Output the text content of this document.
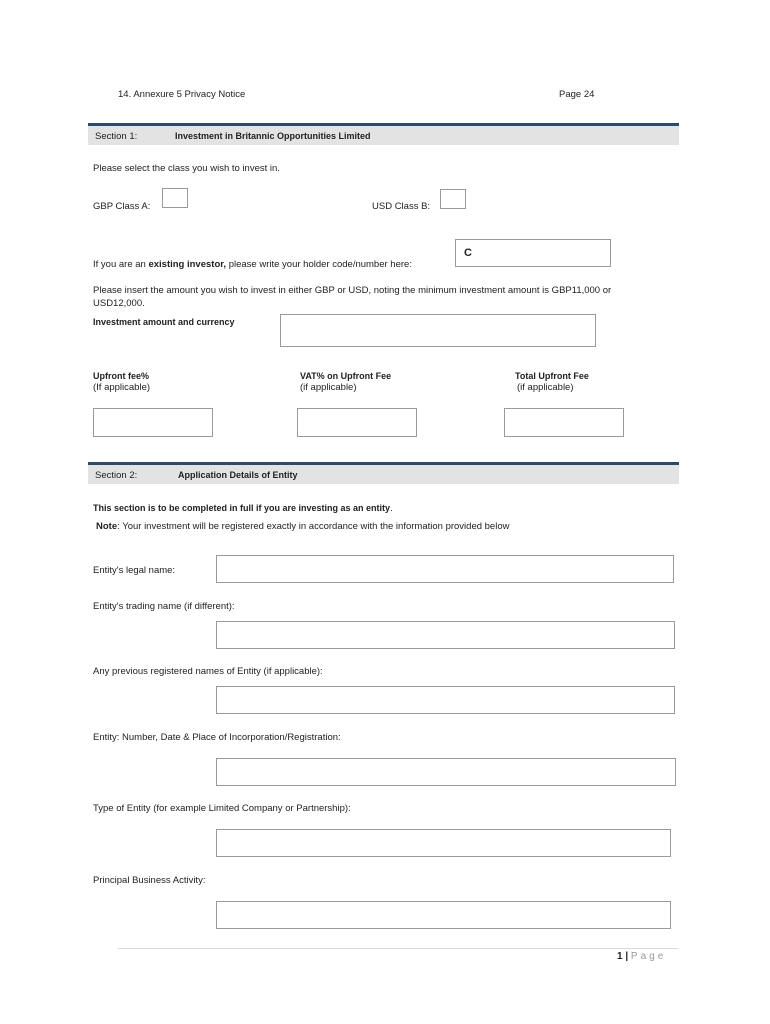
14. Annexure 5 Privacy Notice	Page 24
Section 1:	Investment in Britannic Opportunities Limited
Please select the class you wish to invest in.
GBP Class A:	USD Class B:
If you are an existing investor, please write your holder code/number here:
C
Please insert the amount you wish to invest in either GBP or USD, noting the minimum investment amount is GBP11,000 or
USD12,000.
Investment amount and currency
Upfront fee%
(If applicable)
VAT% on Upfront Fee
(if applicable)
Total Upfront Fee
(if applicable)
Section 2:	Application Details of Entity
This section is to be completed in full if you are investing as an entity.
Note: Your investment will be registered exactly in accordance with the information provided below
Entity's legal name:
Entity's trading name (if different):
Any previous registered names of Entity (if applicable):
Entity: Number, Date & Place of Incorporation/Registration:
Type of Entity (for example Limited Company or Partnership):
Principal Business Activity:
1 | Page
